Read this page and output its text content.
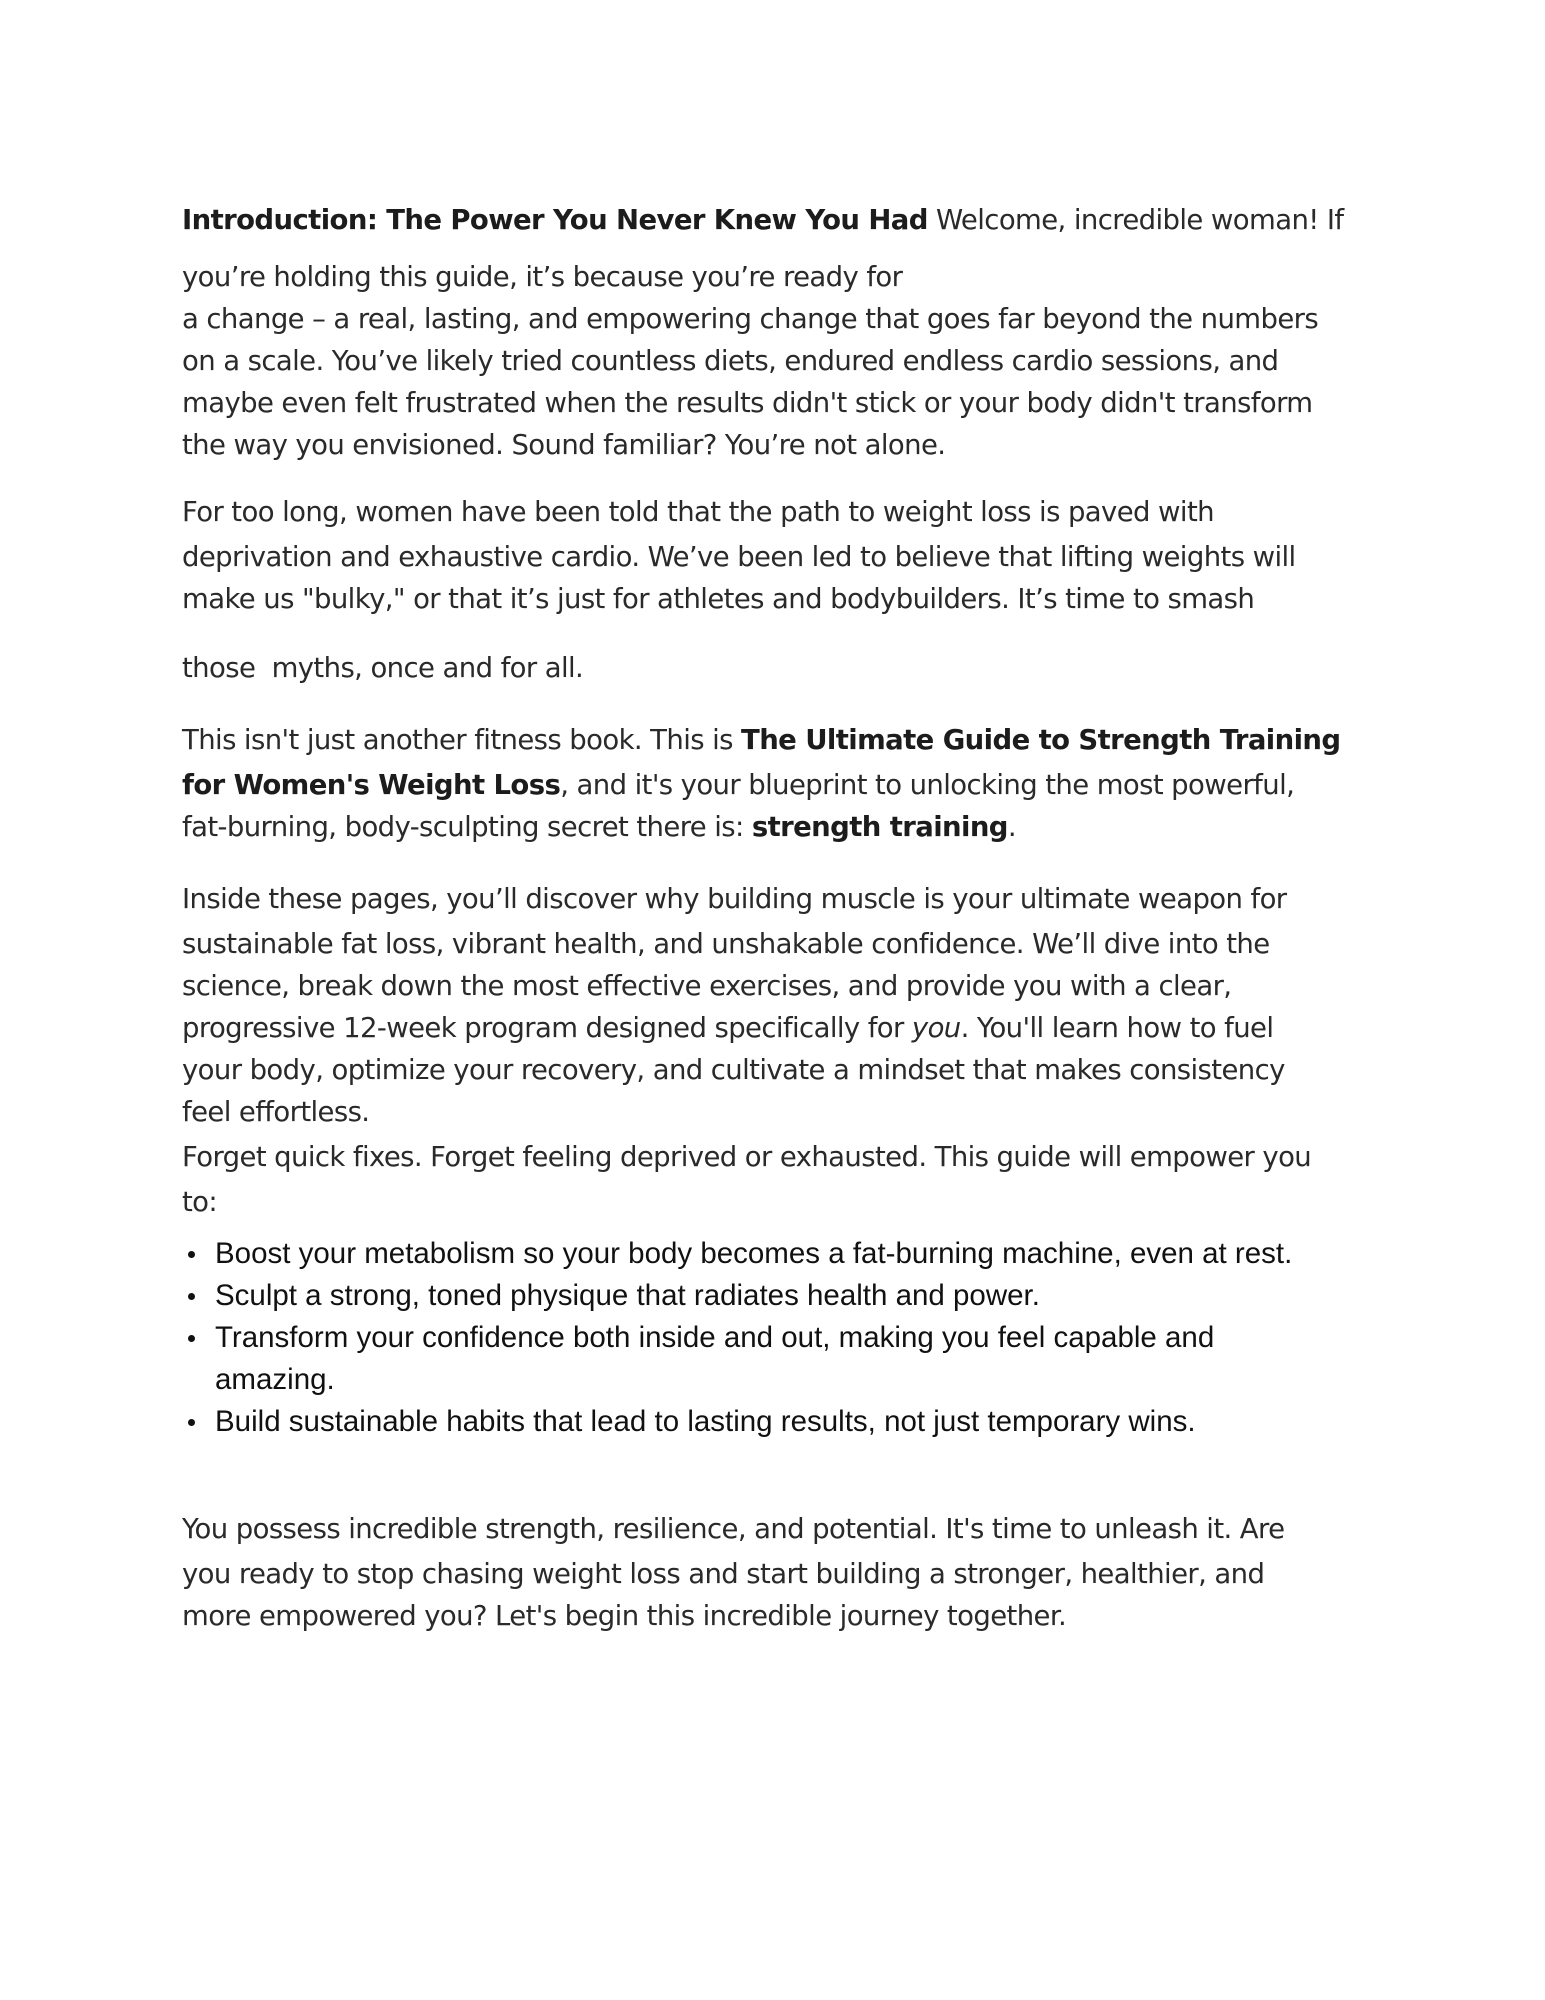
Introduction: The Power You Never Knew You Had Welcome, incredible woman! If

you’re holding this guide, it’s because you’re ready for

a change – a real, lasting, and empowering change that goes far beyond the numbers

on a scale. You’ve likely tried countless diets, endured endless cardio sessions, and

maybe even felt frustrated when the results didn't stick or your body didn't transform

the way you envisioned. Sound familiar? You’re not alone.

For too long, women have been told that the path to weight loss is paved with

deprivation and exhaustive cardio. We’ve been led to believe that lifting weights will

make us "bulky," or that it’s just for athletes and bodybuilders. It’s time to smash

those  myths, once and for all.

This isn't just another fitness book. This is The Ultimate Guide to Strength Training

for Women's Weight Loss, and it's your blueprint to unlocking the most powerful,

fat-burning, body-sculpting secret there is: strength training.

Inside these pages, you’ll discover why building muscle is your ultimate weapon for

sustainable fat loss, vibrant health, and unshakable confidence. We’ll dive into the

science, break down the most effective exercises, and provide you with a clear,

progressive 12-week program designed specifically for you. You'll learn how to fuel

your body, optimize your recovery, and cultivate a mindset that makes consistency

feel effortless.

Forget quick fixes. Forget feeling deprived or exhausted. This guide will empower you

to:

Boost your metabolism so your body becomes a fat-burning machine, even at rest.
Sculpt a strong, toned physique that radiates health and power.
Transform your confidence both inside and out, making you feel capable and
amazing.
Build sustainable habits that lead to lasting results, not just temporary wins.

You possess incredible strength, resilience, and potential. It's time to unleash it. Are

you ready to stop chasing weight loss and start building a stronger, healthier, and

more empowered you? Let's begin this incredible journey together.
